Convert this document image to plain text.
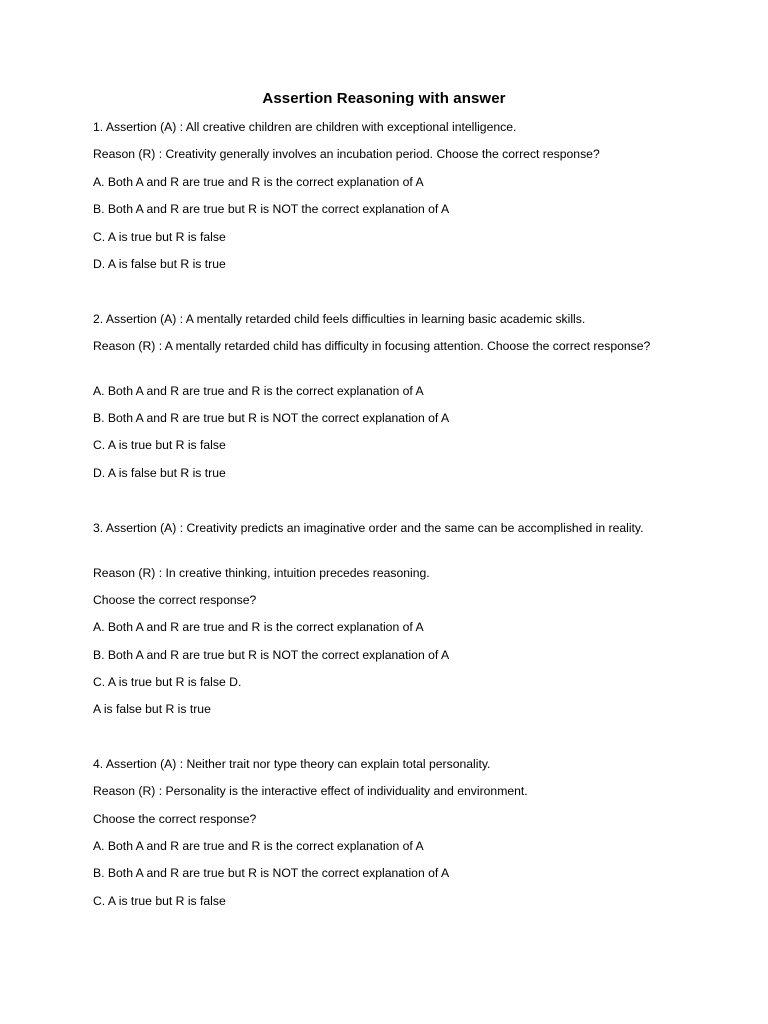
Assertion Reasoning with answer
1. Assertion (A) : All creative children are children with exceptional intelligence.
Reason (R) : Creativity generally involves an incubation period. Choose the correct response?
A. Both A and R are true and R is the correct explanation of A
B. Both A and R are true but R is NOT the correct explanation of A
C. A is true but R is false
D. A is false but R is true
2. Assertion (A) : A mentally retarded child feels difficulties in learning basic academic skills.
Reason (R) : A mentally retarded child has difficulty in focusing attention. Choose the correct response?
A. Both A and R are true and R is the correct explanation of A
B. Both A and R are true but R is NOT the correct explanation of A
C. A is true but R is false
D. A is false but R is true
3. Assertion (A) : Creativity predicts an imaginative order and the same can be accomplished in reality.
Reason (R) : In creative thinking, intuition precedes reasoning.
Choose the correct response?
A. Both A and R are true and R is the correct explanation of A
B. Both A and R are true but R is NOT the correct explanation of A
C. A is true but R is false D.
A is false but R is true
4. Assertion (A) : Neither trait nor type theory can explain total personality.
Reason (R) : Personality is the interactive effect of individuality and environment.
Choose the correct response?
A. Both A and R are true and R is the correct explanation of A
B. Both A and R are true but R is NOT the correct explanation of A
C. A is true but R is false
